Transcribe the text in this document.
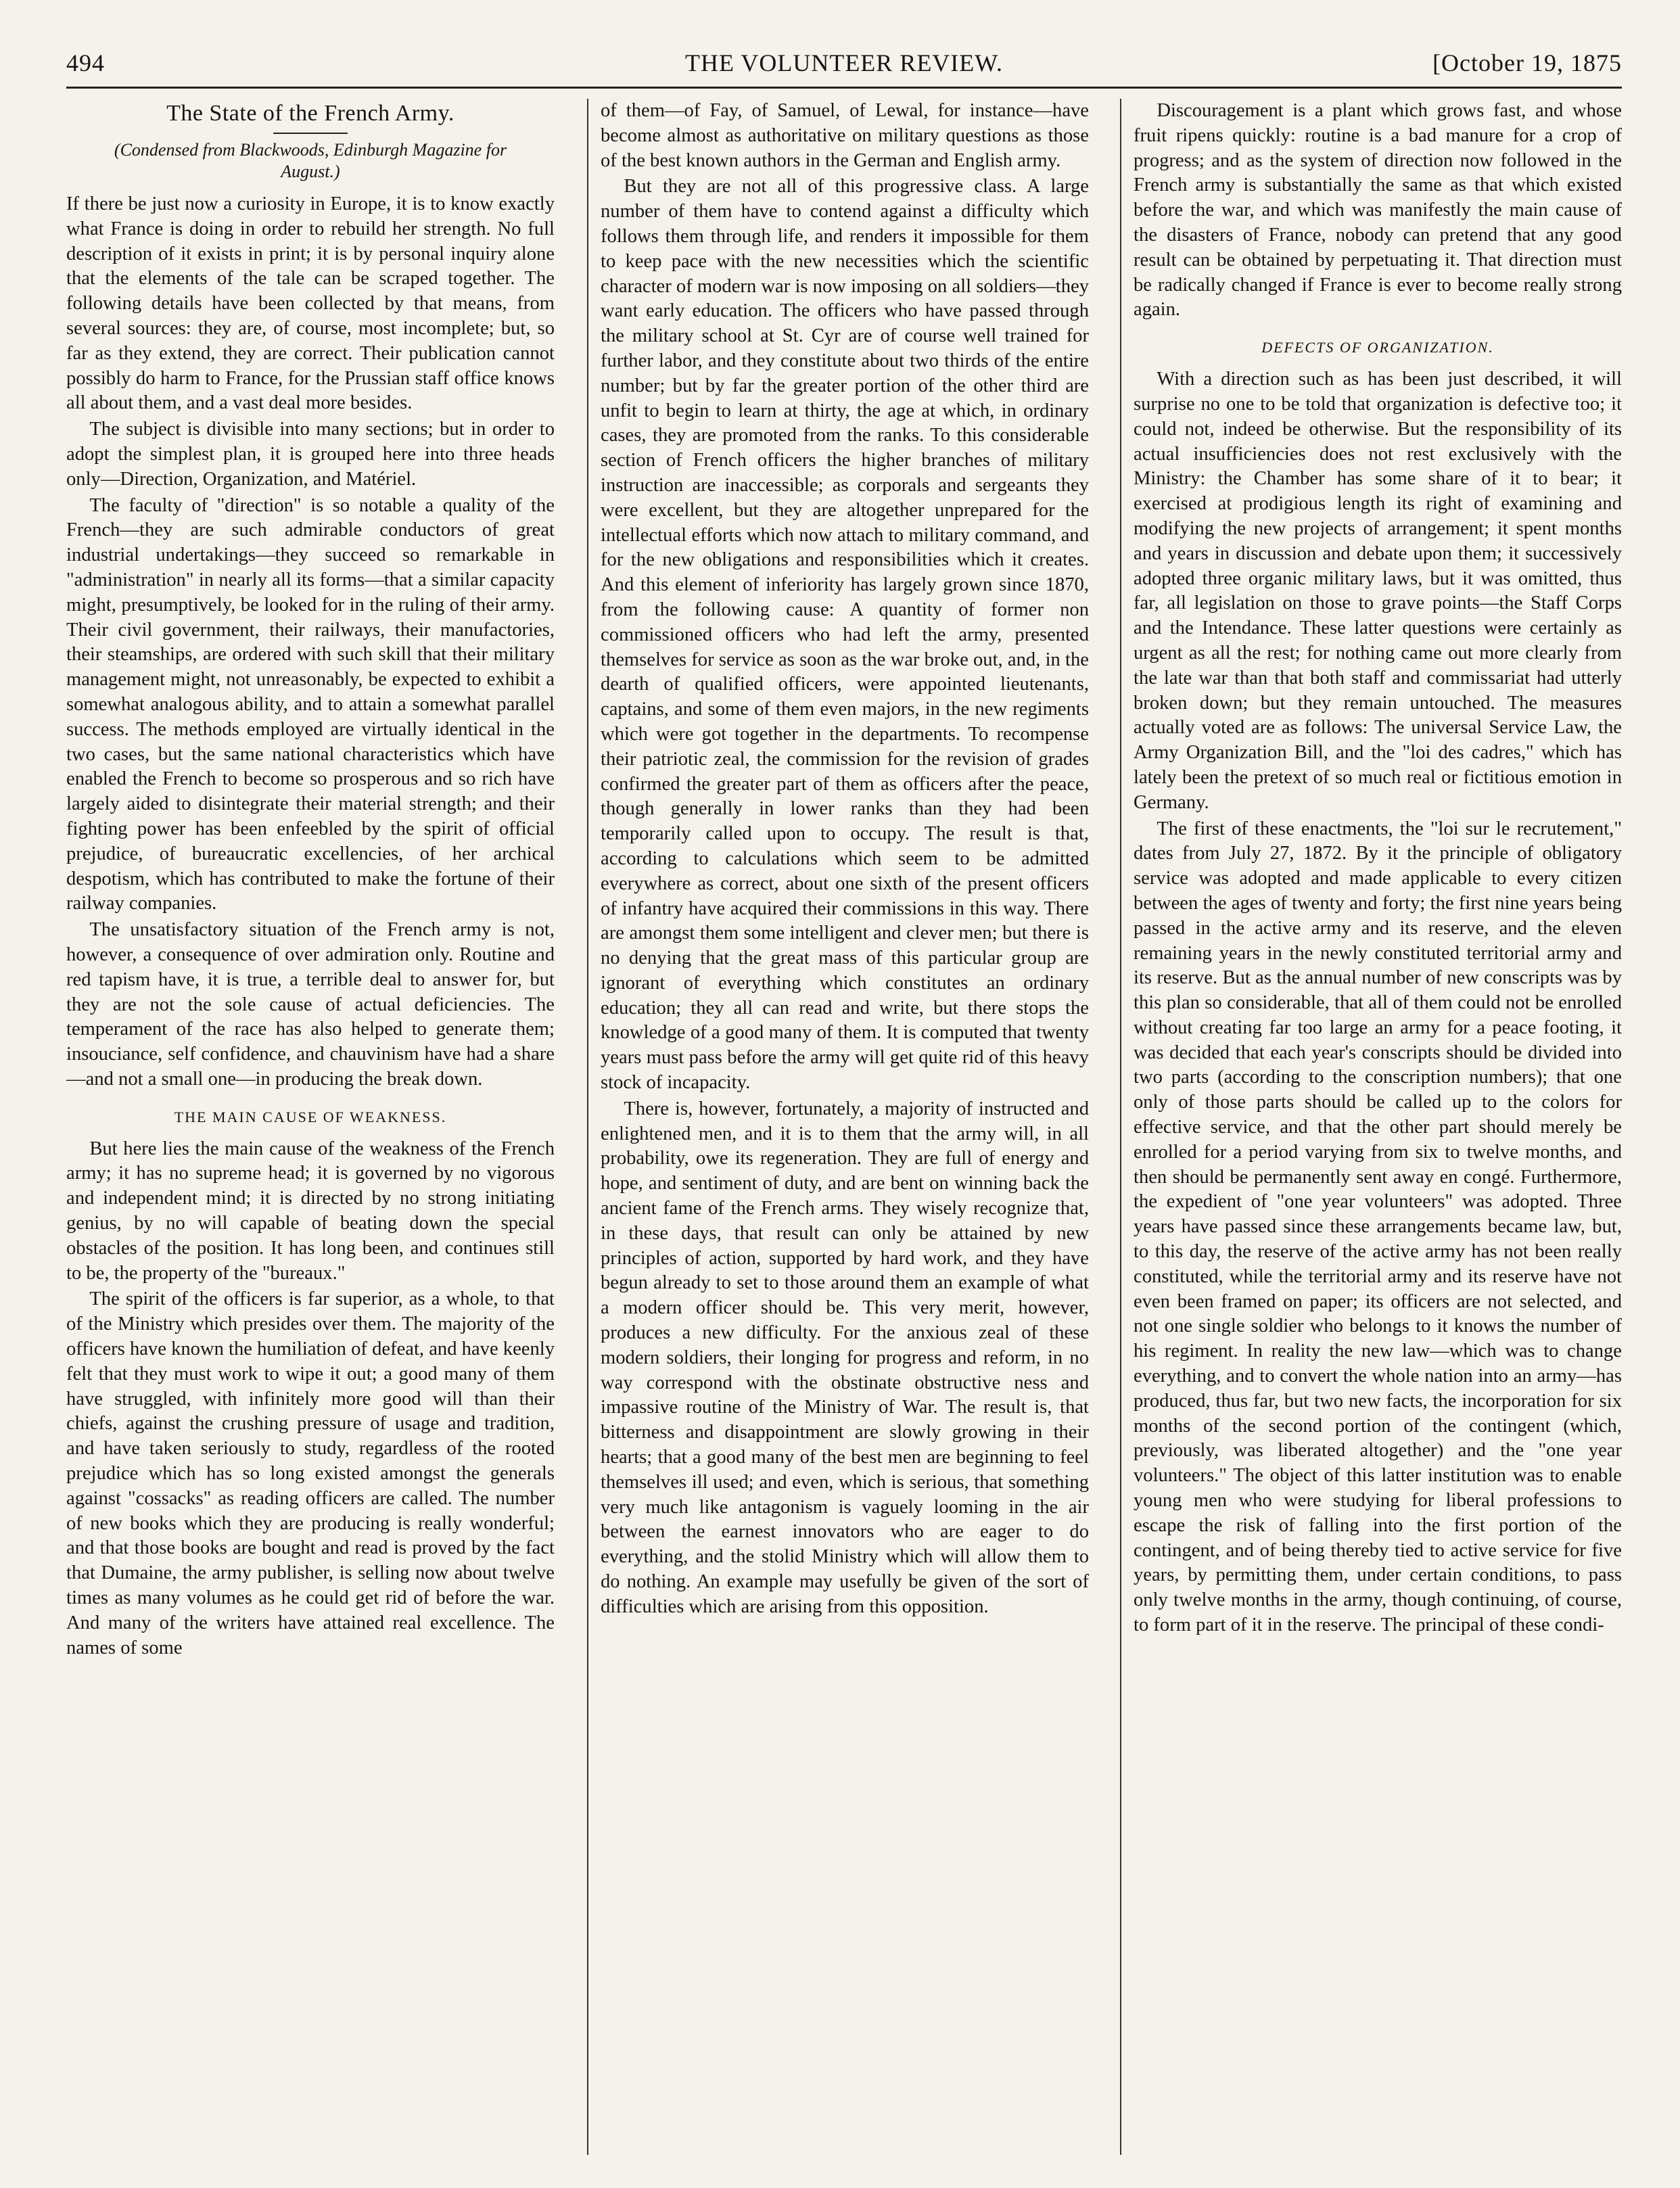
494	THE VOLUNTEER REVIEW.	[October 19, 1875
The State of the French Army.
(Condensed from Blackwoods, Edinburgh Magazine for August.)

If there be just now a curiosity in Europe, it is to know exactly what France is doing in order to rebuild her strength. No full description of it exists in print; it is by personal inquiry alone that the elements of the tale can be scraped together. The following details have been collected by that means, from several sources: they are, of course, most incomplete; but, so far as they extend, they are correct. Their publication cannot possibly do harm to France, for the Prussian staff office knows all about them, and a vast deal more besides.

The subject is divisible into many sections; but in order to adopt the simplest plan, it is grouped here into three heads only—Direction, Organization, and Matériel.

The faculty of "direction" is so notable a quality of the French—they are such admirable conductors of great industrial undertakings—they succeed so remarkable in "administration" in nearly all its forms—that a similar capacity might, presumptively, be looked for in the ruling of their army. Their civil government, their railways, their manufactories, their steamships, are ordered with such skill that their military management might, not unreasonably, be expected to exhibit a somewhat analogous ability, and to attain a somewhat parallel success. The methods employed are virtually identical in the two cases, but the same national characteristics which have enabled the French to become so prosperous and so rich have largely aided to disintegrate their material strength; and their fighting power has been enfeebled by the spirit of official prejudice, of bureaucratic excellencies, of her archical despotism, which has contributed to make the fortune of their railway companies.

The unsatisfactory situation of the French army is not, however, a consequence of over admiration only. Routine and red tapism have, it is true, a terrible deal to answer for, but they are not the sole cause of actual deficiencies. The temperament of the race has also helped to generate them; insouciance, self confidence, and chauvinism have had a share—and not a small one—in producing the break down.

THE MAIN CAUSE OF WEAKNESS.

But here lies the main cause of the weakness of the French army; it has no supreme head; it is governed by no vigorous and independent mind; it is directed by no strong initiating genius, by no will capable of beating down the special obstacles of the position. It has long been, and continues still to be, the property of the "bureaux."

The spirit of the officers is far superior, as a whole, to that of the Ministry which presides over them. The majority of the officers have known the humiliation of defeat, and have keenly felt that they must work to wipe it out; a good many of them have struggled, with infinitely more good will than their chiefs, against the crushing pressure of usage and tradition, and have taken seriously to study, regardless of the rooted prejudice which has so long existed amongst the generals against "cossacks" as reading officers are called. The number of new books which they are producing is really wonderful; and that those books are bought and read is proved by the fact that Dumaine, the army publisher, is selling now about twelve times as many volumes as he could get rid of before the war. And many of the writers have attained real excellence. The names of some

of them—of Fay, of Samuel, of Lewal, for instance—have become almost as authoritative on military questions as those of the best known authors in the German and English army.

But they are not all of this progressive class. A large number of them have to contend against a difficulty which follows them through life, and renders it impossible for them to keep pace with the new necessities which the scientific character of modern war is now imposing on all soldiers—they want early education. The officers who have passed through the military school at St. Cyr are of course well trained for further labor, and they constitute about two thirds of the entire number; but by far the greater portion of the other third are unfit to begin to learn at thirty, the age at which, in ordinary cases, they are promoted from the ranks. To this considerable section of French officers the higher branches of military instruction are inaccessible; as corporals and sergeants they were excellent, but they are altogether unprepared for the intellectual efforts which now attach to military command, and for the new obligations and responsibilities which it creates. And this element of inferiority has largely grown since 1870, from the following cause: A quantity of former non commissioned officers who had left the army, presented themselves for service as soon as the war broke out, and, in the dearth of qualified officers, were appointed lieutenants, captains, and some of them even majors, in the new regiments which were got together in the departments. To recompense their patriotic zeal, the commission for the revision of grades confirmed the greater part of them as officers after the peace, though generally in lower ranks than they had been temporarily called upon to occupy. The result is that, according to calculations which seem to be admitted everywhere as correct, about one sixth of the present officers of infantry have acquired their commissions in this way. There are amongst them some intelligent and clever men; but there is no denying that the great mass of this particular group are ignorant of everything which constitutes an ordinary education; they all can read and write, but there stops the knowledge of a good many of them. It is computed that twenty years must pass before the army will get quite rid of this heavy stock of incapacity.

There is, however, fortunately, a majority of instructed and enlightened men, and it is to them that the army will, in all probability, owe its regeneration. They are full of energy and hope, and sentiment of duty, and are bent on winning back the ancient fame of the French arms. They wisely recognize that, in these days, that result can only be attained by new principles of action, supported by hard work, and they have begun already to set to those around them an example of what a modern officer should be. This very merit, however, produces a new difficulty. For the anxious zeal of these modern soldiers, their longing for progress and reform, in no way correspond with the obstinate obstructive ness and impassive routine of the Ministry of War. The result is, that bitterness and disappointment are slowly growing in their hearts; that a good many of the best men are beginning to feel themselves ill used; and even, which is serious, that something very much like antagonism is vaguely looming in the air between the earnest innovators who are eager to do everything, and the stolid Ministry which will allow them to do nothing. An example may usefully be given of the sort of difficulties which are arising from this opposition.

Discouragement is a plant which grows fast, and whose fruit ripens quickly: routine is a bad manure for a crop of progress; and as the system of direction now followed in the French army is substantially the same as that which existed before the war, and which was manifestly the main cause of the disasters of France, nobody can pretend that any good result can be obtained by perpetuating it. That direction must be radically changed if France is ever to become really strong again.

DEFECTS OF ORGANIZATION.

With a direction such as has been just described, it will surprise no one to be told that organization is defective too; it could not, indeed be otherwise. But the responsibility of its actual insufficiencies does not rest exclusively with the Ministry: the Chamber has some share of it to bear; it exercised at prodigious length its right of examining and modifying the new projects of arrangement; it spent months and years in discussion and debate upon them; it successively adopted three organic military laws, but it was omitted, thus far, all legislation on those to grave points—the Staff Corps and the Intendance. These latter questions were certainly as urgent as all the rest; for nothing came out more clearly from the late war than that both staff and commissariat had utterly broken down; but they remain untouched. The measures actually voted are as follows: The universal Service Law, the Army Organization Bill, and the "loi des cadres," which has lately been the pretext of so much real or fictitious emotion in Germany.

The first of these enactments, the "loi sur le recrutement," dates from July 27, 1872. By it the principle of obligatory service was adopted and made applicable to every citizen between the ages of twenty and forty; the first nine years being passed in the active army and its reserve, and the eleven remaining years in the newly constituted territorial army and its reserve. But as the annual number of new conscripts was by this plan so considerable, that all of them could not be enrolled without creating far too large an army for a peace footing, it was decided that each year's conscripts should be divided into two parts (according to the conscription numbers); that one only of those parts should be called up to the colors for effective service, and that the other part should merely be enrolled for a period varying from six to twelve months, and then should be permanently sent away en congé. Furthermore, the expedient of "one year volunteers" was adopted. Three years have passed since these arrangements became law, but, to this day, the reserve of the active army has not been really constituted, while the territorial army and its reserve have not even been framed on paper; its officers are not selected, and not one single soldier who belongs to it knows the number of his regiment. In reality the new law—which was to change everything, and to convert the whole nation into an army—has produced, thus far, but two new facts, the incorporation for six months of the second portion of the contingent (which, previously, was liberated altogether) and the "one year volunteers." The object of this latter institution was to enable young men who were studying for liberal professions to escape the risk of falling into the first portion of the contingent, and of being thereby tied to active service for five years, by permitting them, under certain conditions, to pass only twelve months in the army, though continuing, of course, to form part of it in the reserve. The principal of these condi-
